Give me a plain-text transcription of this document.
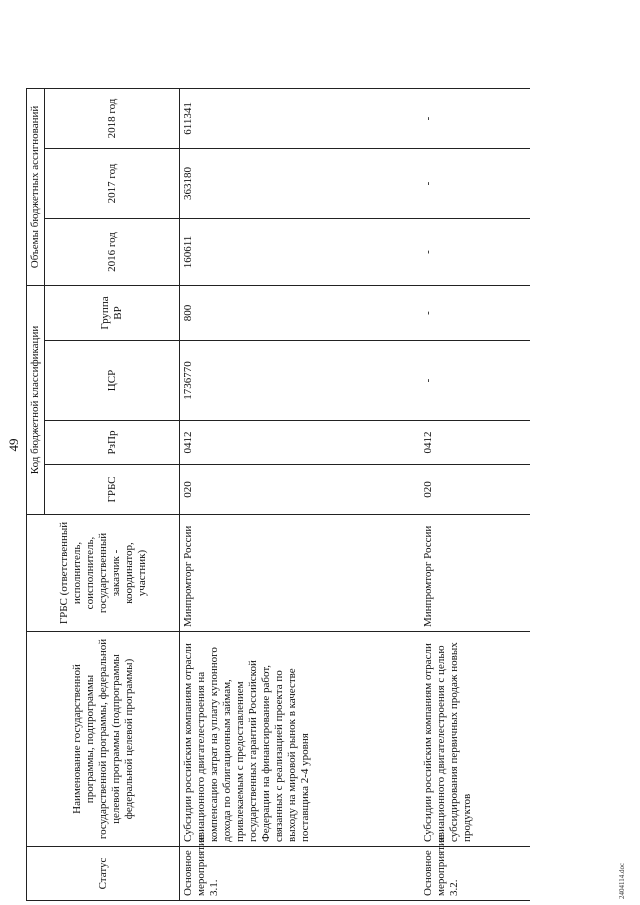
49
Статус	Наименование государственной программы, подпрограммы государственной программы, федеральной целевой программы (подпрограммы федеральной целевой программы)	ГРБС (ответственный исполнитель, соисполнитель, государственный заказчик - координатор, участник)	Код бюджетной классификации				Объемы бюджетных ассигнований		
			ГРБС	РзПр	ЦСР	Группа ВР	2016 год	2017 год	2018 год
Основное мероприятие 3.1.	Субсидии российским компаниям отрасли авиационного двигателестроения на компенсацию затрат на уплату купонного дохода по облигационным займам, привлекаемым с предоставлением государственных гарантий Российской Федерации на финансирование работ, связанных с реализацией проекта по выходу на мировой рынок в качестве поставщика 2-4 уровня	Минпромторг России	020	0412	1736770	800	160611	363180	611341
Основное мероприятие 3.2.	Субсидии российским компаниям отрасли авиационного двигателестроения с целью субсидирования первичных продаж новых продуктов	Минпромторг России	020	0412	-	-	-	-	-
2404114.doc
